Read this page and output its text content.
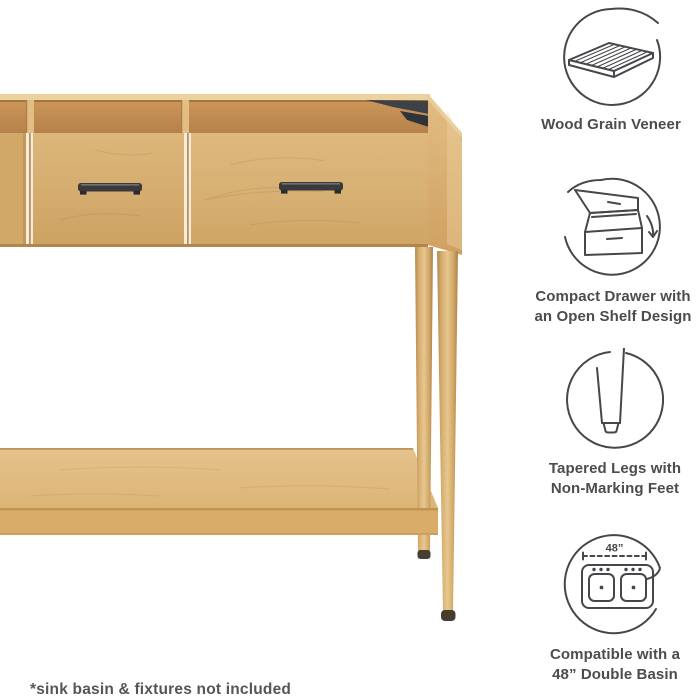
Wood Grain Veneer
Compact Drawer with
an Open Shelf Design
Tapered Legs with
Non-Marking Feet
48”
Compatible with a
48” Double Basin
*sink basin & fixtures not included
